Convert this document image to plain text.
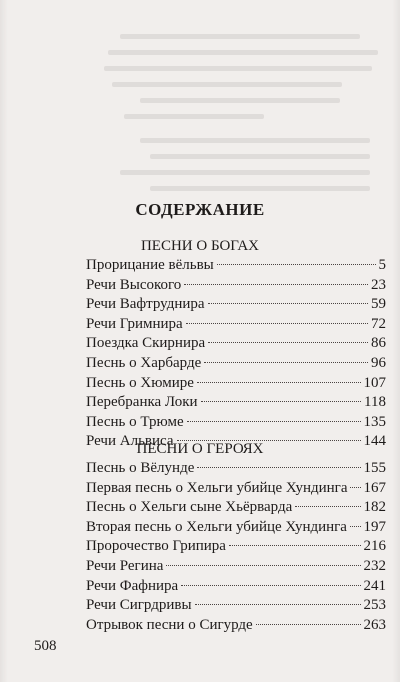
СОДЕРЖАНИЕ
ПЕСНИ О БОГАХ
Прорицание вёльвы	5
Речи Высокого	23
Речи Вафтруднира	59
Речи Гримнира	72
Поездка Скирнира	86
Песнь о Харбарде	96
Песнь о Хюмире	107
Перебранка Локи	118
Песнь о Трюме	135
Речи Альвиса	144
ПЕСНИ О ГЕРОЯХ
Песнь о Вёлунде	155
Первая песнь о Хельги убийце Хундинга 167
Песнь о Хельги сыне Хьёрварда	182
Вторая песнь о Хельги убийце Хундинга 197
Пророчество Грипира	216
Речи Регина	232
Речи Фафнира	241
Речи Сигрдривы	253
Отрывок песни о Сигурде	263
508
